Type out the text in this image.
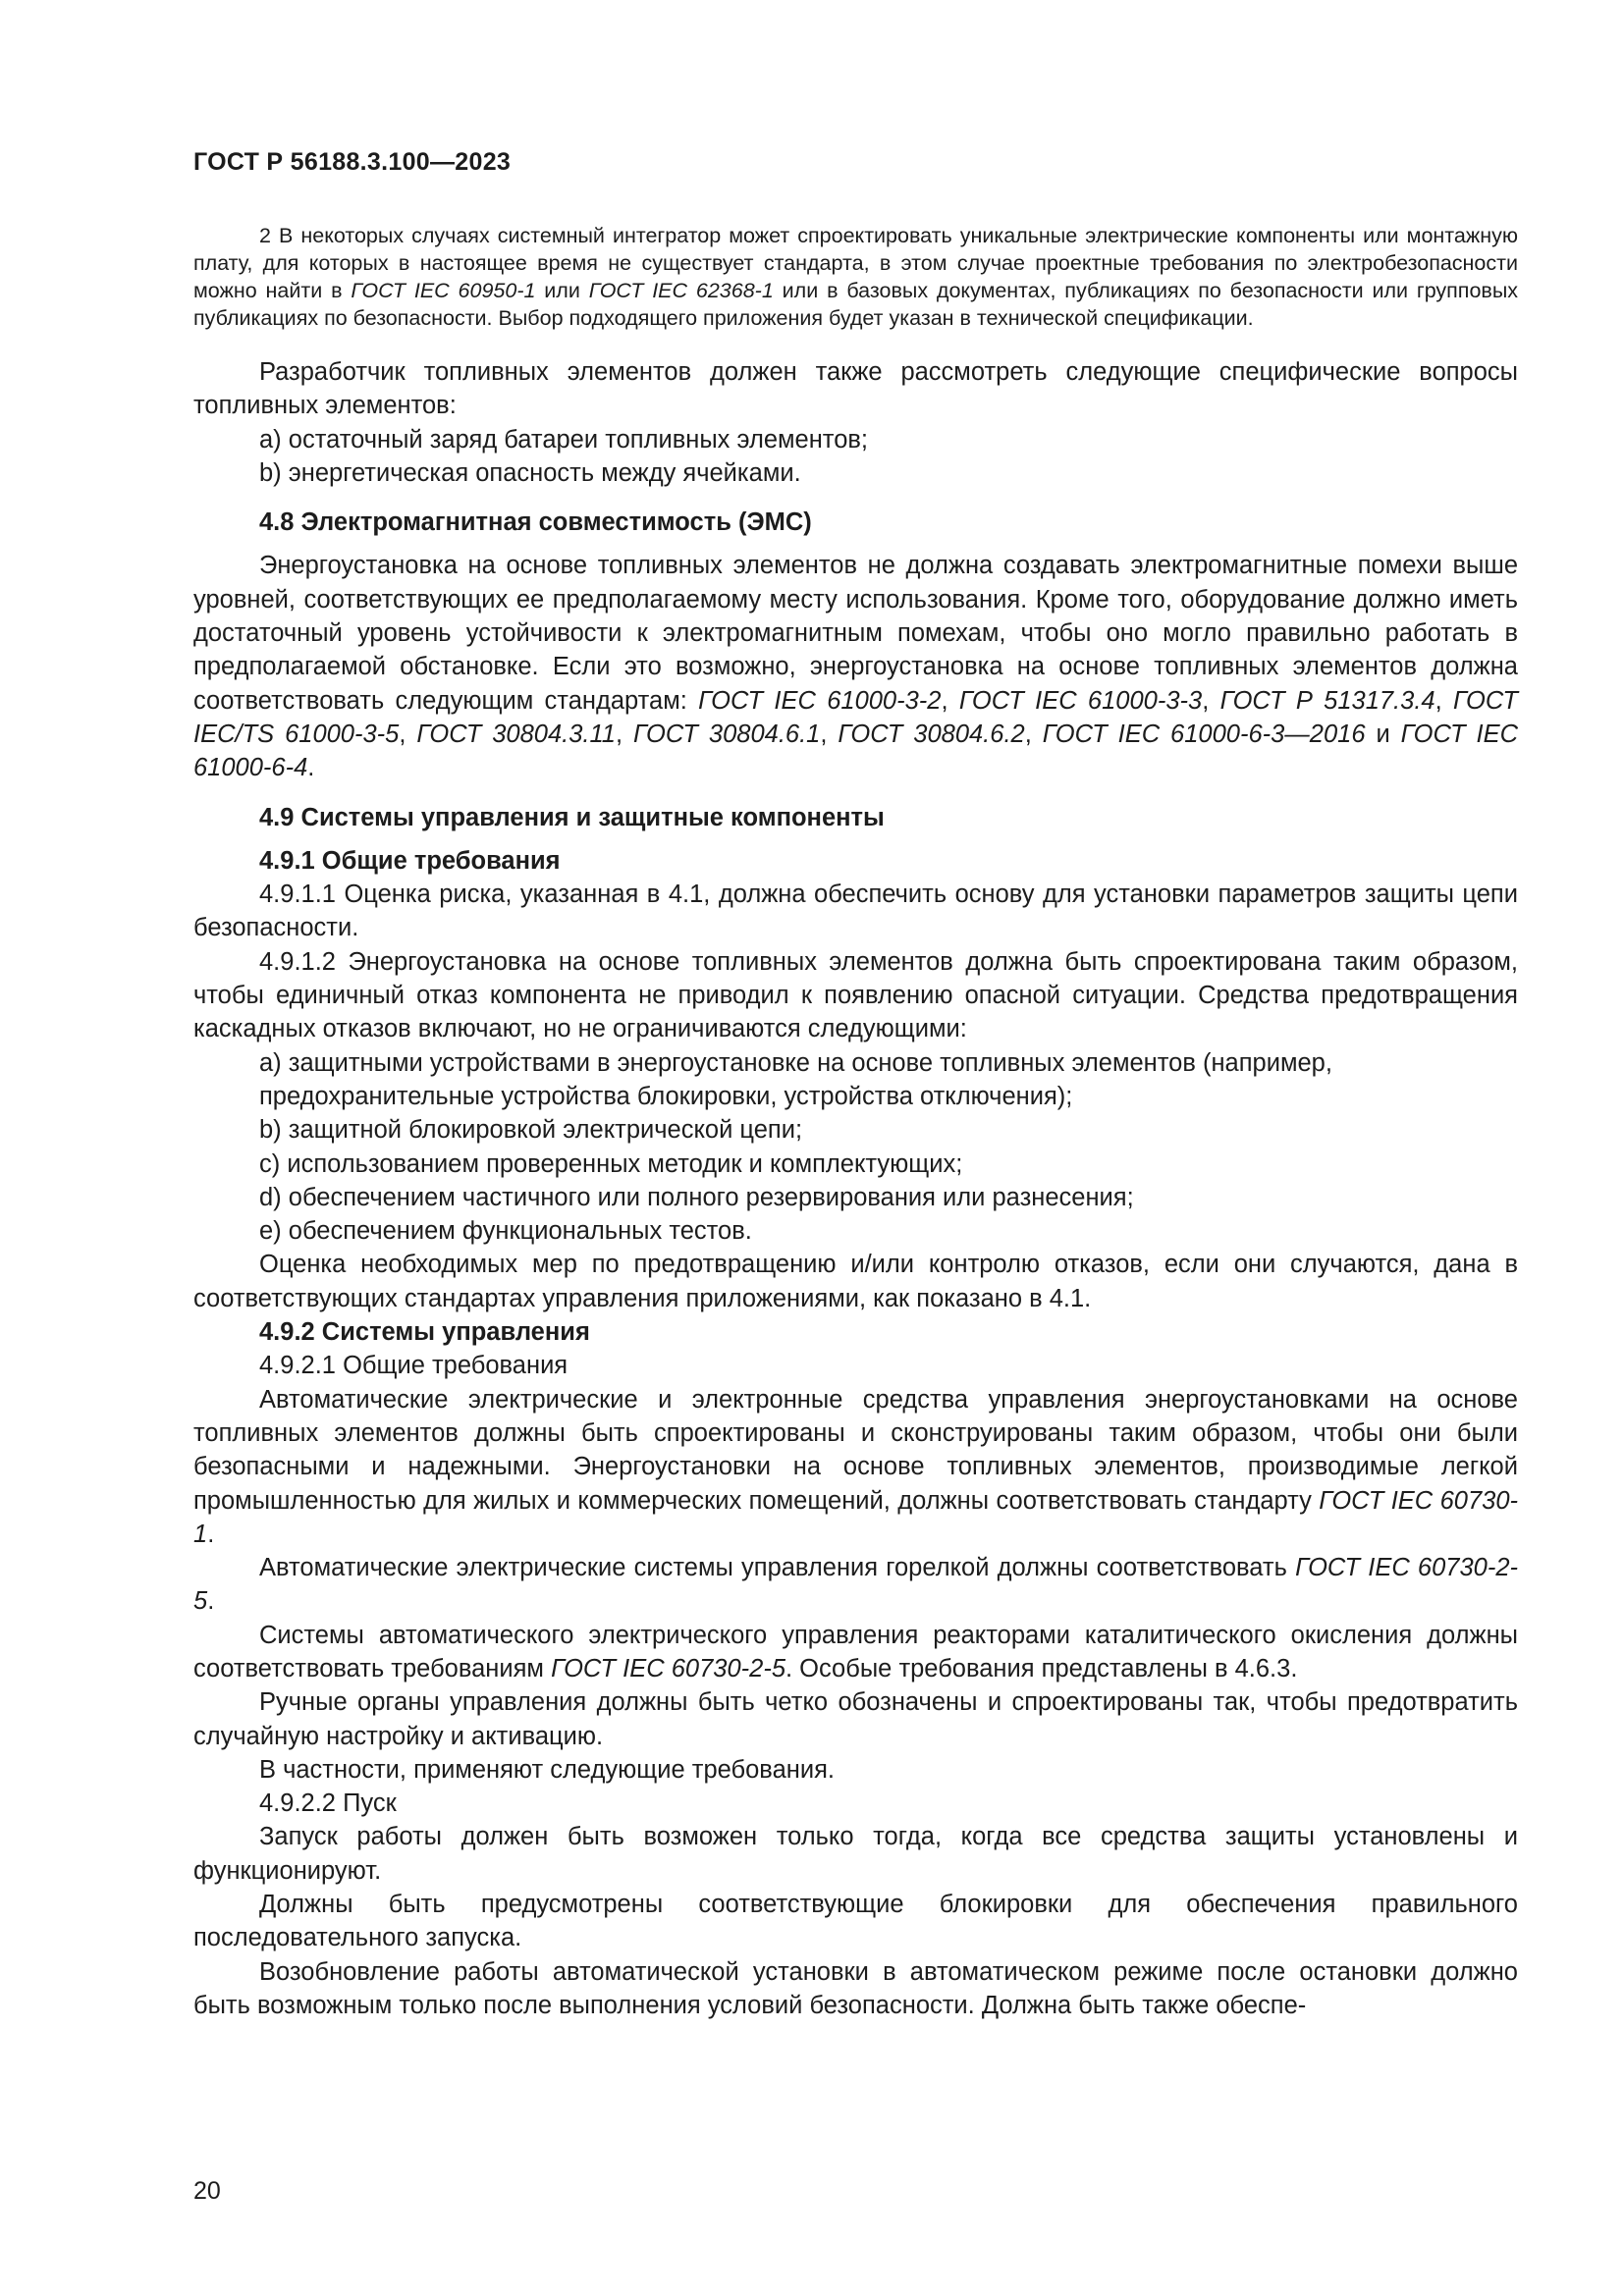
ГОСТ Р 56188.3.100—2023

2 В некоторых случаях системный интегратор может спроектировать уникальные электрические компоненты или монтажную плату, для которых в настоящее время не существует стандарта, в этом случае проектные требования по электробезопасности можно найти в ГОСТ IEC 60950-1 или ГОСТ IEC 62368-1 или в базовых документах, публикациях по безопасности или групповых публикациях по безопасности. Выбор подходящего приложения будет указан в технической спецификации.

Разработчик топливных элементов должен также рассмотреть следующие специфические вопросы топливных элементов:

a) остаточный заряд батареи топливных элементов;

b) энергетическая опасность между ячейками.

4.8 Электромагнитная совместимость (ЭМС)

Энергоустановка на основе топливных элементов не должна создавать электромагнитные помехи выше уровней, соответствующих ее предполагаемому месту использования. Кроме того, оборудование должно иметь достаточный уровень устойчивости к электромагнитным помехам, чтобы оно могло правильно работать в предполагаемой обстановке. Если это возможно, энергоустановка на основе топливных элементов должна соответствовать следующим стандартам: ГОСТ IEC 61000-3-2, ГОСТ IEC 61000-3-3, ГОСТ Р 51317.3.4, ГОСТ IEC/TS 61000-3-5, ГОСТ 30804.3.11, ГОСТ 30804.6.1, ГОСТ 30804.6.2, ГОСТ IEC 61000-6-3—2016 и ГОСТ IEC 61000-6-4.

4.9 Системы управления и защитные компоненты
4.9.1 Общие требования

4.9.1.1 Оценка риска, указанная в 4.1, должна обеспечить основу для установки параметров защиты цепи безопасности.

4.9.1.2 Энергоустановка на основе топливных элементов должна быть спроектирована таким образом, чтобы единичный отказ компонента не приводил к появлению опасной ситуации. Средства предотвращения каскадных отказов включают, но не ограничиваются следующими:

a) защитными устройствами в энергоустановке на основе топливных элементов (например, предохранительные устройства блокировки, устройства отключения);

b) защитной блокировкой электрической цепи;

c) использованием проверенных методик и комплектующих;

d) обеспечением частичного или полного резервирования или разнесения;

e) обеспечением функциональных тестов.

Оценка необходимых мер по предотвращению и/или контролю отказов, если они случаются, дана в соответствующих стандартах управления приложениями, как показано в 4.1.

4.9.2 Системы управления

4.9.2.1 Общие требования

Автоматические электрические и электронные средства управления энергоустановками на основе топливных элементов должны быть спроектированы и сконструированы таким образом, чтобы они были безопасными и надежными. Энергоустановки на основе топливных элементов, производимые легкой промышленностью для жилых и коммерческих помещений, должны соответствовать стандарту ГОСТ IEC 60730-1.

Автоматические электрические системы управления горелкой должны соответствовать ГОСТ IEC 60730-2-5.

Системы автоматического электрического управления реакторами каталитического окисления должны соответствовать требованиям ГОСТ IEC 60730-2-5. Особые требования представлены в 4.6.3.

Ручные органы управления должны быть четко обозначены и спроектированы так, чтобы предотвратить случайную настройку и активацию.

В частности, применяют следующие требования.

4.9.2.2 Пуск

Запуск работы должен быть возможен только тогда, когда все средства защиты установлены и функционируют.

Должны быть предусмотрены соответствующие блокировки для обеспечения правильного последовательного запуска.

Возобновление работы автоматической установки в автоматическом режиме после остановки должно быть возможным только после выполнения условий безопасности. Должна быть также обеспе-

20
